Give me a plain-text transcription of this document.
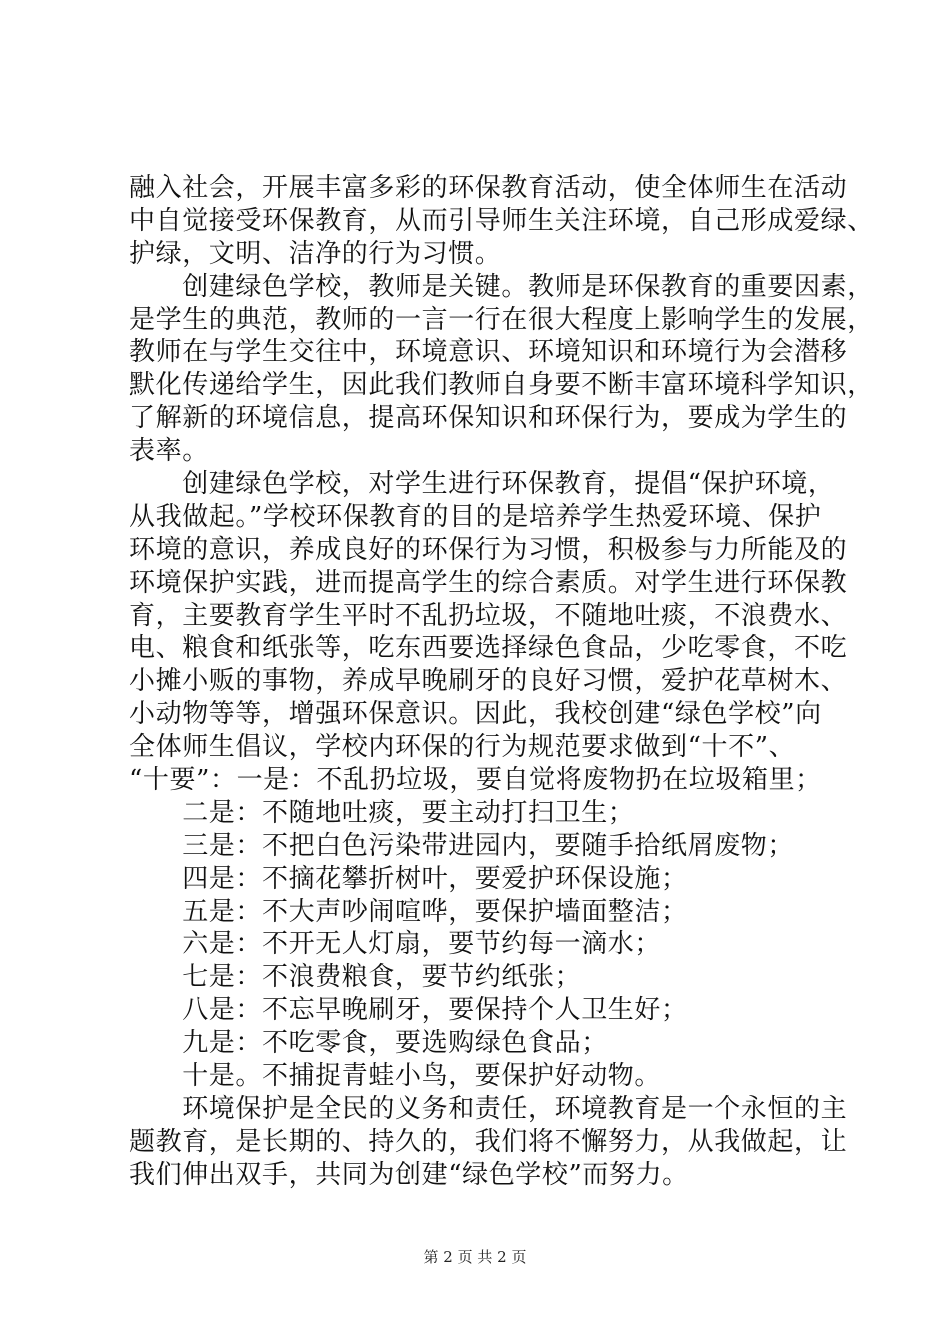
融入社会，开展丰富多彩的环保教育活动，使全体师生在活动
中自觉接受环保教育，从而引导师生关注环境，自己形成爱绿、
护绿，文明、洁净的行为习惯。
　　创建绿色学校，教师是关键。教师是环保教育的重要因素，
是学生的典范，教师的一言一行在很大程度上影响学生的发展，
教师在与学生交往中，环境意识、环境知识和环境行为会潜移
默化传递给学生，因此我们教师自身要不断丰富环境科学知识，
了解新的环境信息，提高环保知识和环保行为，要成为学生的
表率。
　　创建绿色学校，对学生进行环保教育，提倡“保护环境，
从我做起。”学校环保教育的目的是培养学生热爱环境、保护
环境的意识，养成良好的环保行为习惯，积极参与力所能及的
环境保护实践，进而提高学生的综合素质。对学生进行环保教
育，主要教育学生平时不乱扔垃圾，不随地吐痰，不浪费水、
电、粮食和纸张等，吃东西要选择绿色食品，少吃零食，不吃
小摊小贩的事物，养成早晚刷牙的良好习惯，爱护花草树木、
小动物等等，增强环保意识。因此，我校创建“绿色学校”向
全体师生倡议，学校内环保的行为规范要求做到“十不”、
“十要”：一是：不乱扔垃圾，要自觉将废物扔在垃圾箱里；
　　二是：不随地吐痰，要主动打扫卫生；
　　三是：不把白色污染带进园内，要随手拾纸屑废物；
　　四是：不摘花攀折树叶，要爱护环保设施；
　　五是：不大声吵闹喧哗，要保护墙面整洁；
　　六是：不开无人灯扇，要节约每一滴水；
　　七是：不浪费粮食，要节约纸张；
　　八是：不忘早晚刷牙，要保持个人卫生好；
　　九是：不吃零食，要选购绿色食品；
　　十是。不捕捉青蛙小鸟，要保护好动物。
　　环境保护是全民的义务和责任，环境教育是一个永恒的主
题教育，是长期的、持久的，我们将不懈努力，从我做起，让
我们伸出双手，共同为创建“绿色学校”而努力。
第 2 页 共 2 页
